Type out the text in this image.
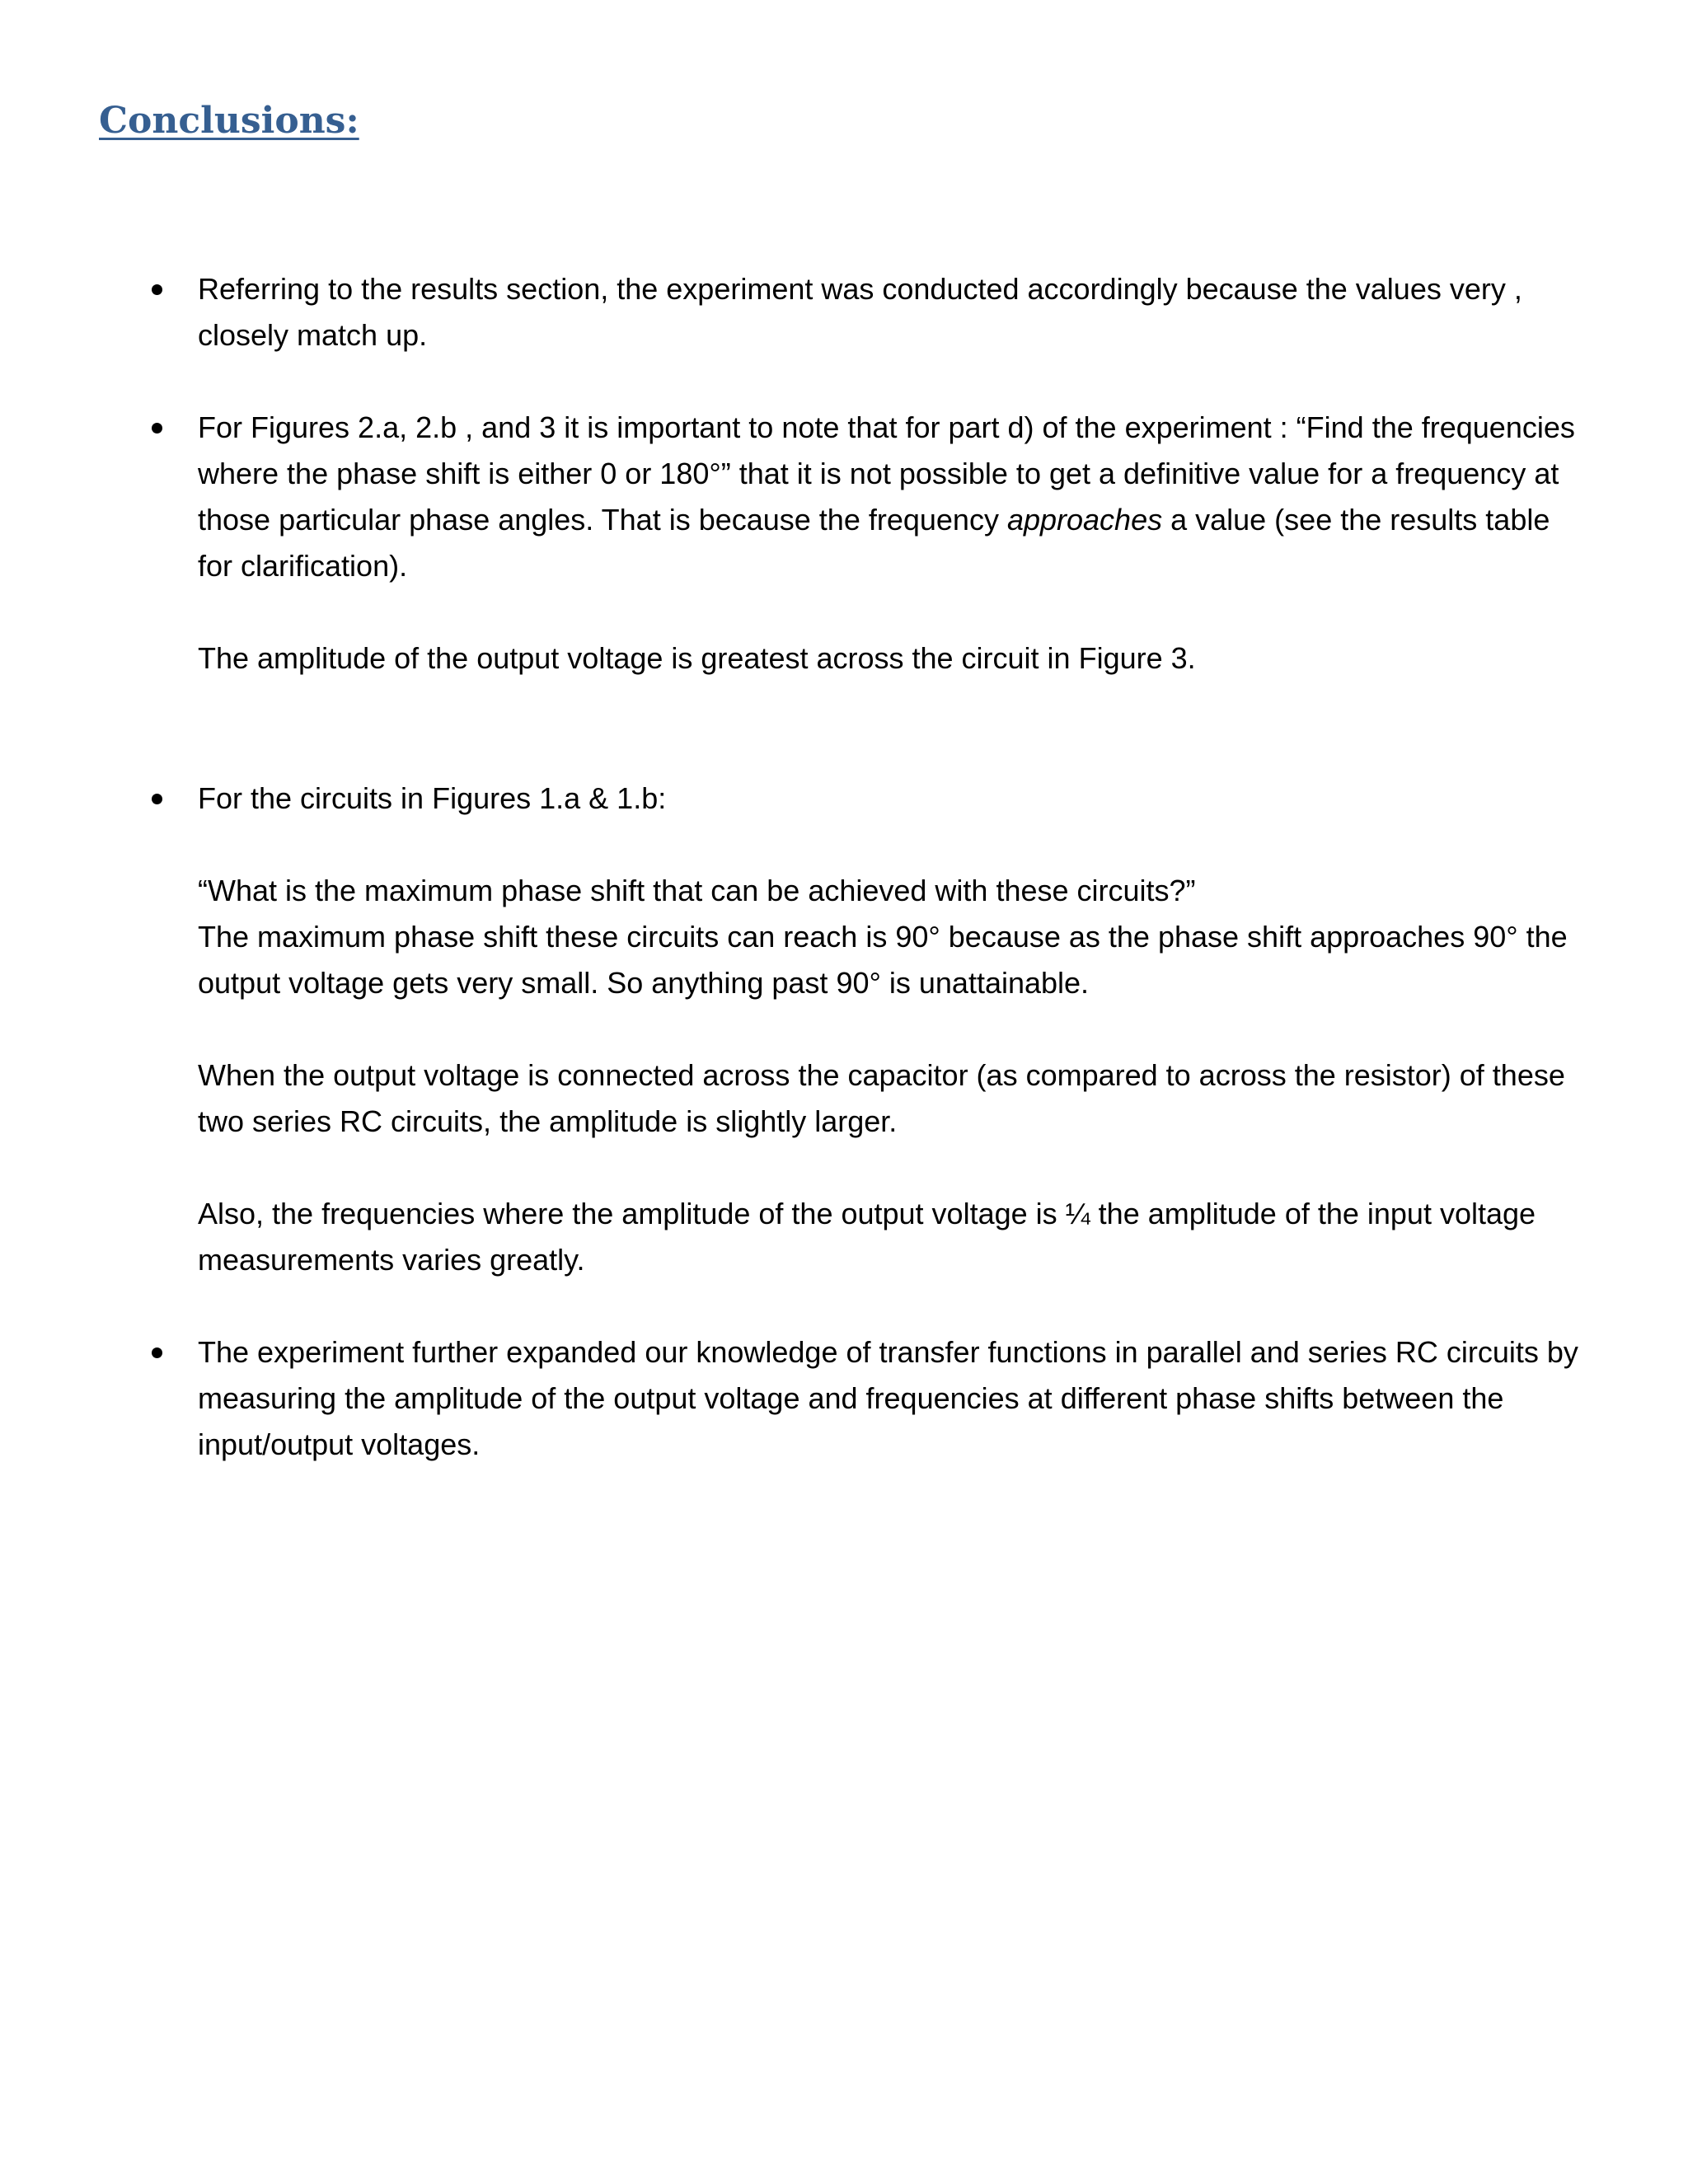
Conclusions:

Referring to the results section, the experiment was conducted accordingly because the values very , closely match up.

For Figures 2.a, 2.b , and 3 it is important to note that for part d) of the experiment : “Find the frequencies where the phase shift is either 0 or 180°” that it is not possible to get a definitive value for a frequency at those particular phase angles. That is because the frequency approaches a value (see the results table for clarification).

The amplitude of the output voltage is greatest across the circuit in Figure 3.

For the circuits in Figures 1.a & 1.b:

“What is the maximum phase shift that can be achieved with these circuits?”

The maximum phase shift these circuits can reach is 90° because as the phase shift approaches 90° the output voltage gets very small. So anything past 90° is unattainable.

When the output voltage is connected across the capacitor (as compared to across the resistor) of these two series RC circuits, the amplitude is slightly larger.

Also, the frequencies where the amplitude of the output voltage is ¼ the amplitude of the input voltage measurements varies greatly.

The experiment further expanded our knowledge of transfer functions in parallel and series RC circuits by measuring the amplitude of the output voltage and frequencies at different phase shifts between the input/output voltages.
